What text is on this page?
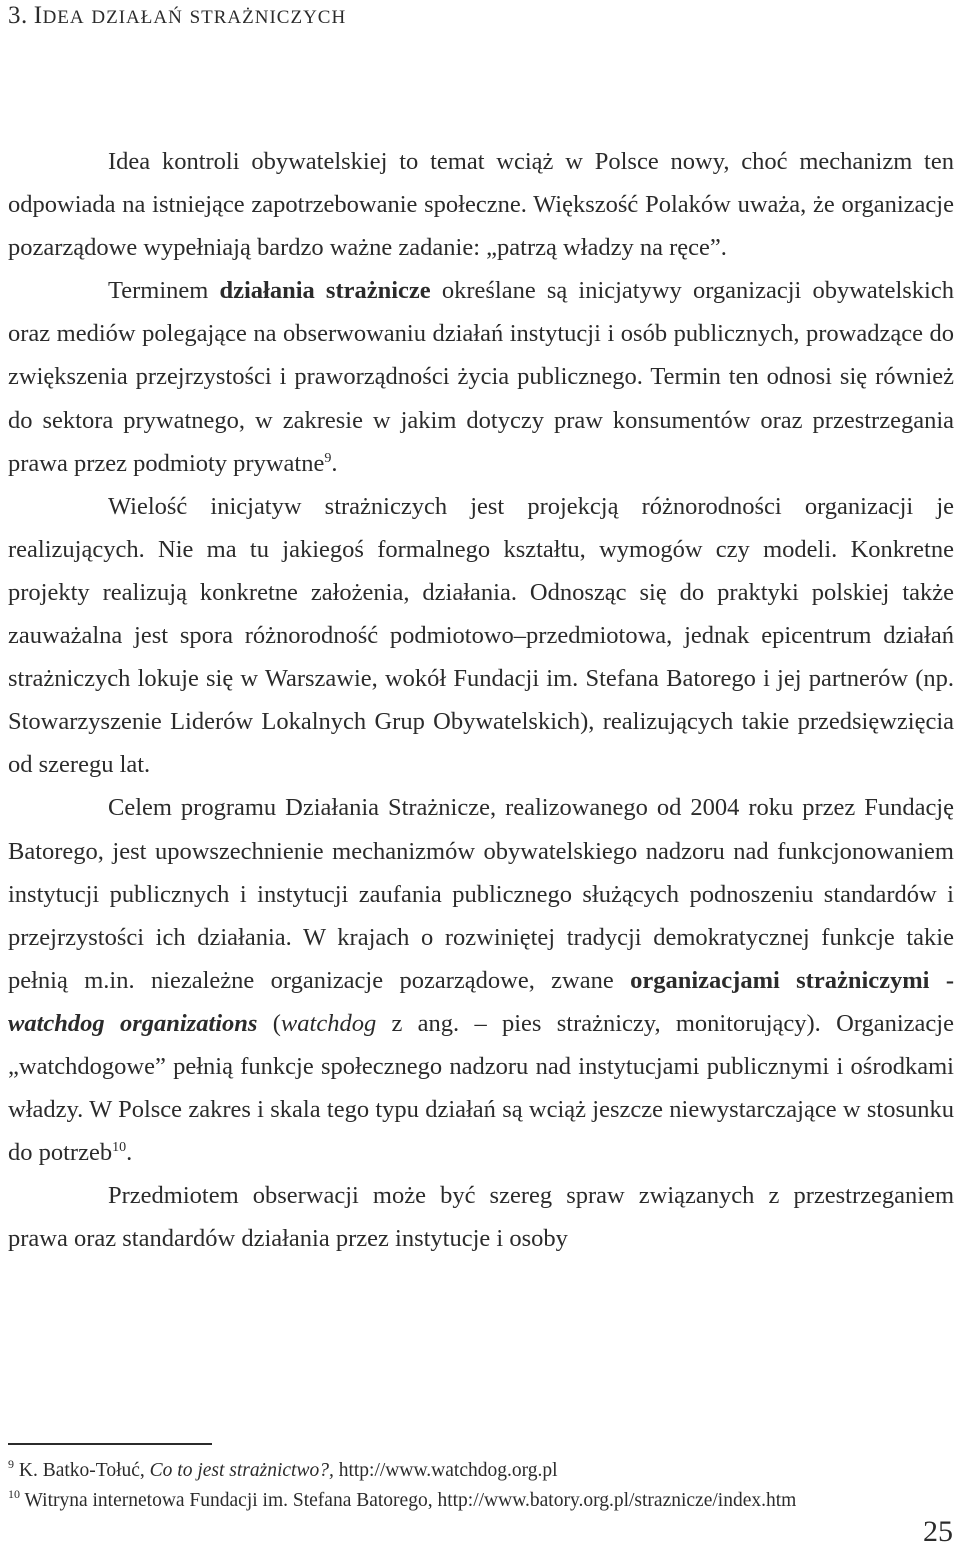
3. IDEA DZIAŁAŃ STRAŻNICZYCH

Idea kontroli obywatelskiej to temat wciąż w Polsce nowy, choć mechanizm ten odpowiada na istniejące zapotrzebowanie społeczne. Większość Polaków uważa, że organizacje pozarządowe wypełniają bardzo ważne zadanie: „patrzą władzy na ręce”.

Terminem działania strażnicze określane są inicjatywy organizacji obywatelskich oraz mediów polegające na obserwowaniu działań instytucji i osób publicznych, prowadzące do zwiększenia przejrzystości i praworządności życia publicznego. Termin ten odnosi się również do sektora prywatnego, w zakresie w jakim dotyczy praw konsumentów oraz przestrzegania prawa przez podmioty prywatne$^9$.

Wielość inicjatyw strażniczych jest projekcją różnorodności organizacji je realizujących. Nie ma tu jakiegoś formalnego kształtu, wymogów czy modeli. Konkretne projekty realizują konkretne założenia, działania. Odnosząc się do praktyki polskiej także zauważalna jest spora różnorodność podmiotowo–przedmiotowa, jednak epicentrum działań strażniczych lokuje się w Warszawie, wokół Fundacji im. Stefana Batorego i jej partnerów (np. Stowarzyszenie Liderów Lokalnych Grup Obywatelskich), realizujących takie przedsięwzięcia od szeregu lat.

Celem programu Działania Strażnicze, realizowanego od 2004 roku przez Fundację Batorego, jest upowszechnienie mechanizmów obywatelskiego nadzoru nad funkcjonowaniem instytucji publicznych i instytucji zaufania publicznego służących podnoszeniu standardów i przejrzystości ich działania. W krajach o rozwiniętej tradycji demokratycznej funkcje takie pełnią m.in. niezależne organizacje pozarządowe, zwane organizacjami strażniczymi - watchdog organizations (watchdog z ang. – pies strażniczy, monitorujący). Organizacje „watchdogowe” pełnią funkcje społecznego nadzoru nad instytucjami publicznymi i ośrodkami władzy. W Polsce zakres i skala tego typu działań są wciąż jeszcze niewystarczające w stosunku do potrzeb$^{10}$.

Przedmiotem obserwacji może być szereg spraw związanych z przestrzeganiem prawa oraz standardów działania przez instytucje i osoby

$^9$ K. Batko-Tołuć, Co to jest strażnictwo?, http://www.watchdog.org.pl
$^{10}$ Witryna internetowa Fundacji im. Stefana Batorego, http://www.batory.org.pl/straznicze/index.htm
25
